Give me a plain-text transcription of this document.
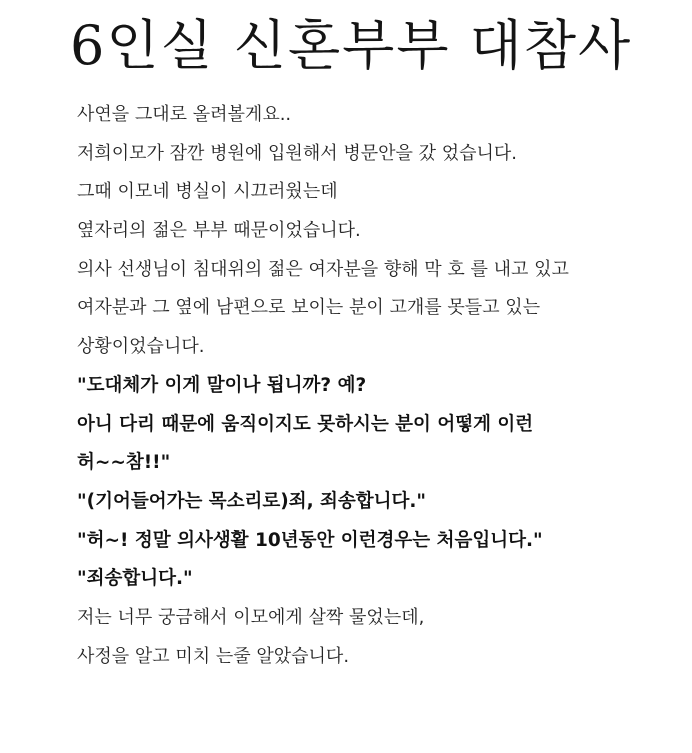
6인실 신혼부부 대참사
사연을 그대로 올려볼게요..
저희이모가 잠깐 병원에 입원해서 병문안을 갔 었습니다.
그때 이모네 병실이 시끄러웠는데
옆자리의 젊은 부부 때문이었습니다.
의사 선생님이 침대위의 젊은 여자분을 향해 막 호 를 내고 있고
여자분과 그 옆에 남편으로 보이는 분이 고개를 못들고 있는
상황이었습니다.
"도대체가 이게 말이나 됩니까? 예?
아니 다리 때문에 움직이지도 못하시는 분이 어떻게 이런
허~~참!!"
"(기어들어가는 목소리로)죄, 죄송합니다."
"허~! 정말 의사생활 10년동안 이런경우는 처음입니다."
"죄송합니다."
저는 너무 궁금해서 이모에게 살짝 물었는데,
사정을 알고 미치 는줄 알았습니다.
